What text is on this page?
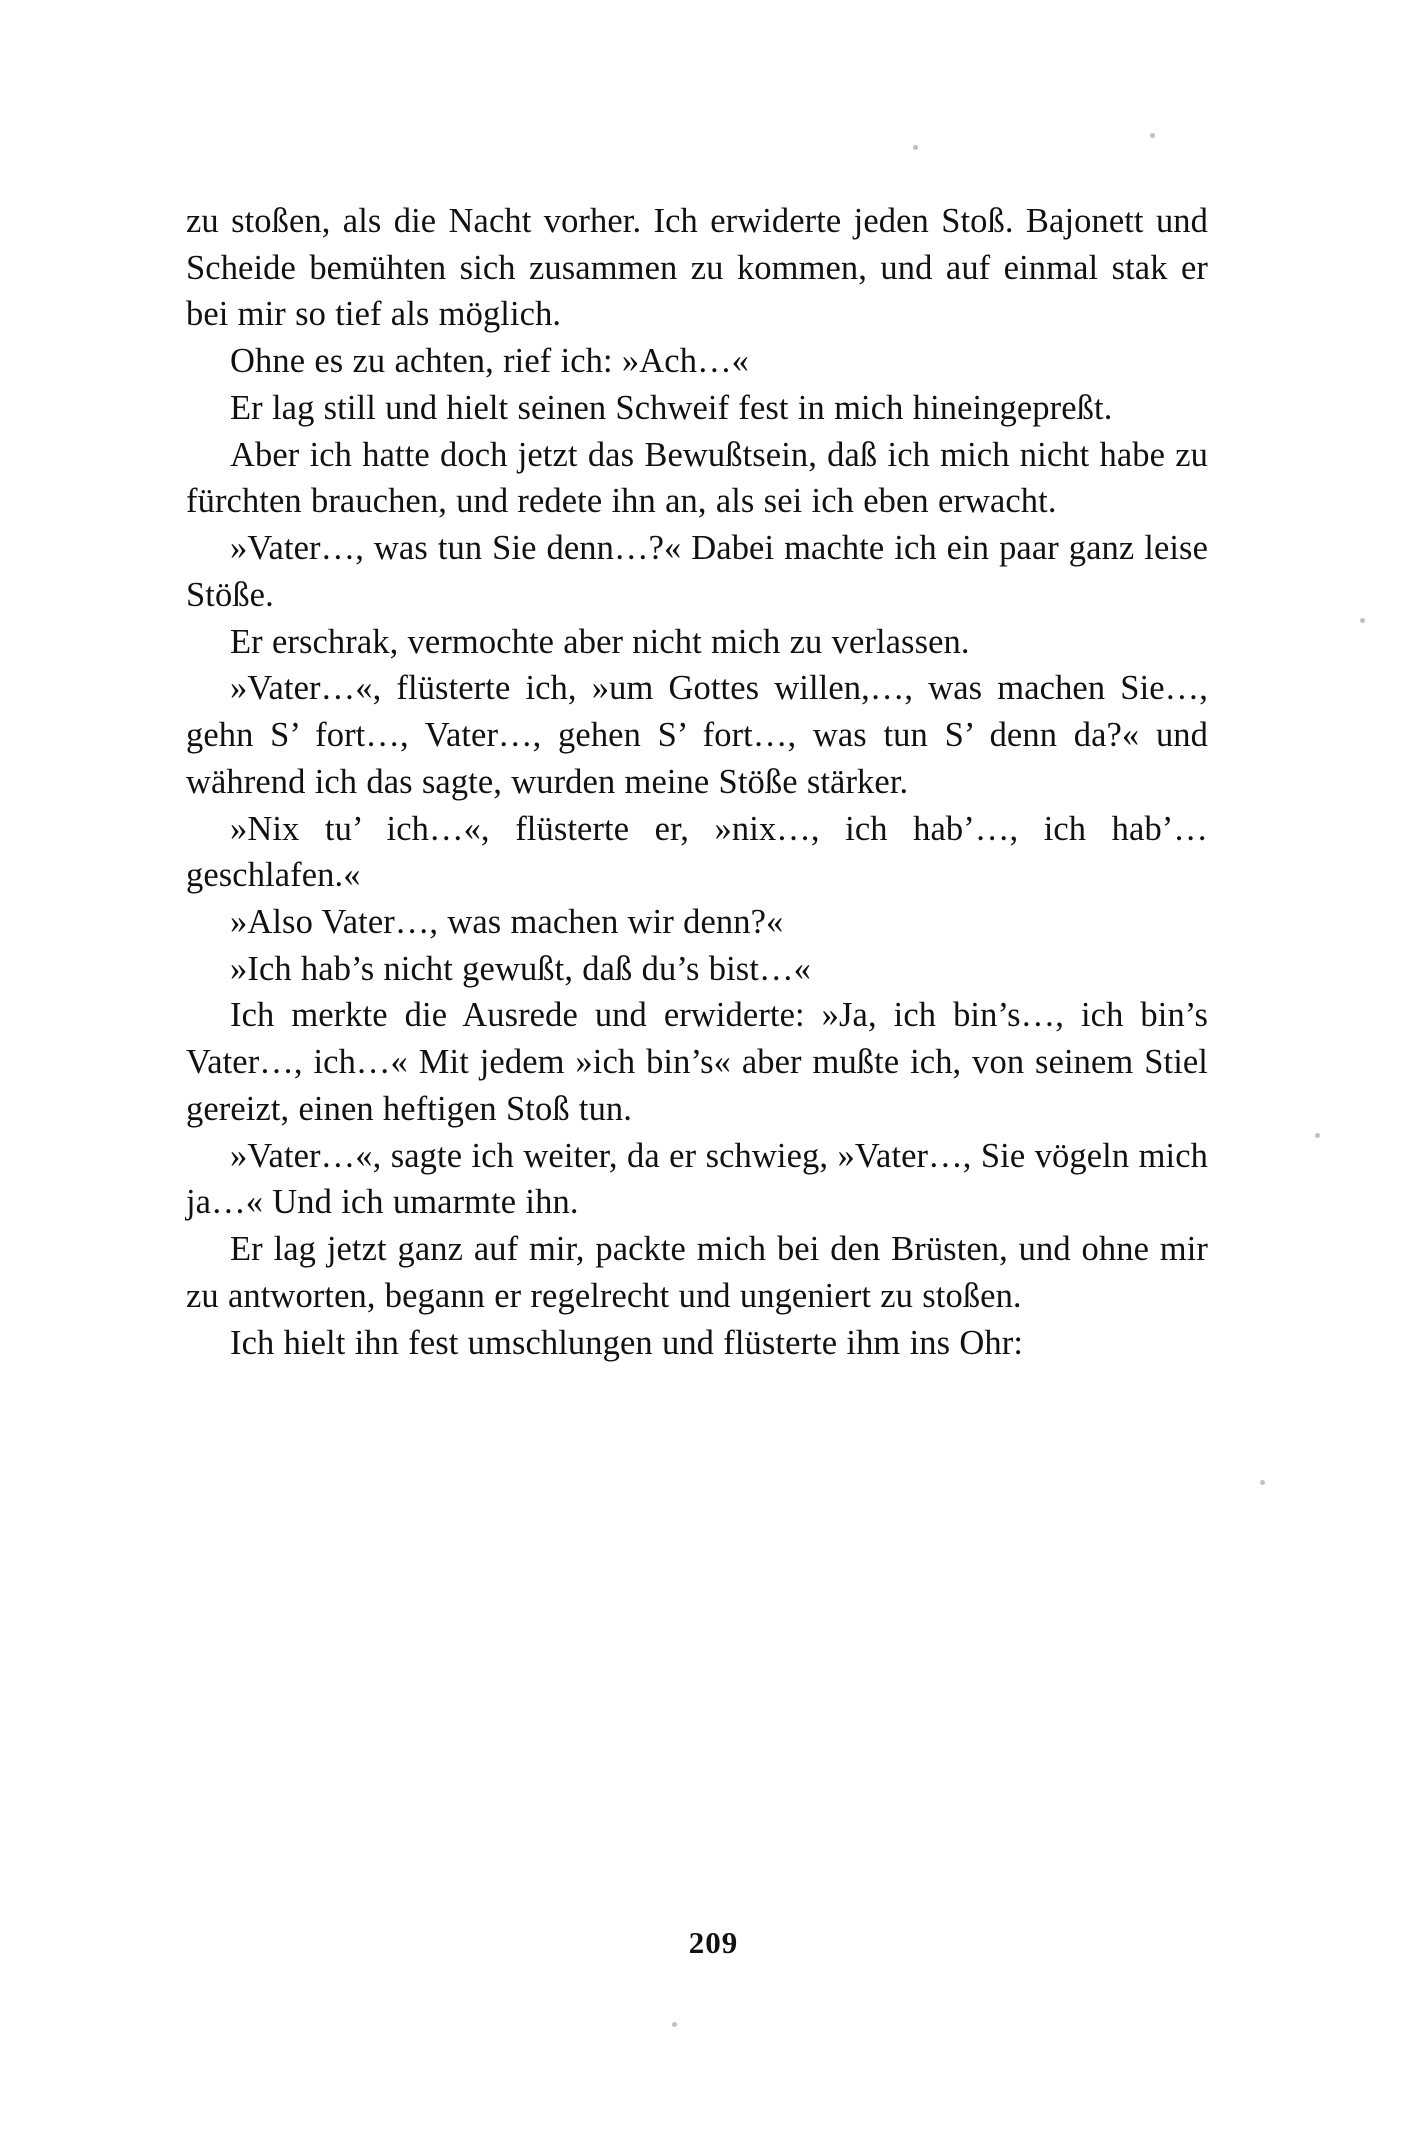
zu stoßen, als die Nacht vorher. Ich erwiderte jeden Stoß. Bajonett und Scheide bemühten sich zusammen zu kommen, und auf einmal stak er bei mir so tief als möglich.

Ohne es zu achten, rief ich: »Ach…«

Er lag still und hielt seinen Schweif fest in mich hineingepreßt.

Aber ich hatte doch jetzt das Bewußtsein, daß ich mich nicht habe zu fürchten brauchen, und redete ihn an, als sei ich eben erwacht.

»Vater…, was tun Sie denn…?« Dabei machte ich ein paar ganz leise Stöße.

Er erschrak, vermochte aber nicht mich zu verlassen.

»Vater…«, flüsterte ich, »um Gottes willen,…, was machen Sie…, gehn S’ fort…, Vater…, gehen S’ fort…, was tun S’ denn da?« und während ich das sagte, wurden meine Stöße stärker.

»Nix tu’ ich…«, flüsterte er, »nix…, ich hab’…, ich hab’… geschlafen.«

»Also Vater…, was machen wir denn?«

»Ich hab’s nicht gewußt, daß du’s bist…«

Ich merkte die Ausrede und erwiderte: »Ja, ich bin’s…, ich bin’s Vater…, ich…« Mit jedem »ich bin’s« aber mußte ich, von seinem Stiel gereizt, einen heftigen Stoß tun.

»Vater…«, sagte ich weiter, da er schwieg, »Vater…, Sie vögeln mich ja…« Und ich umarmte ihn.

Er lag jetzt ganz auf mir, packte mich bei den Brüsten, und ohne mir zu antworten, begann er regelrecht und ungeniert zu stoßen.

Ich hielt ihn fest umschlungen und flüsterte ihm ins Ohr:

209
